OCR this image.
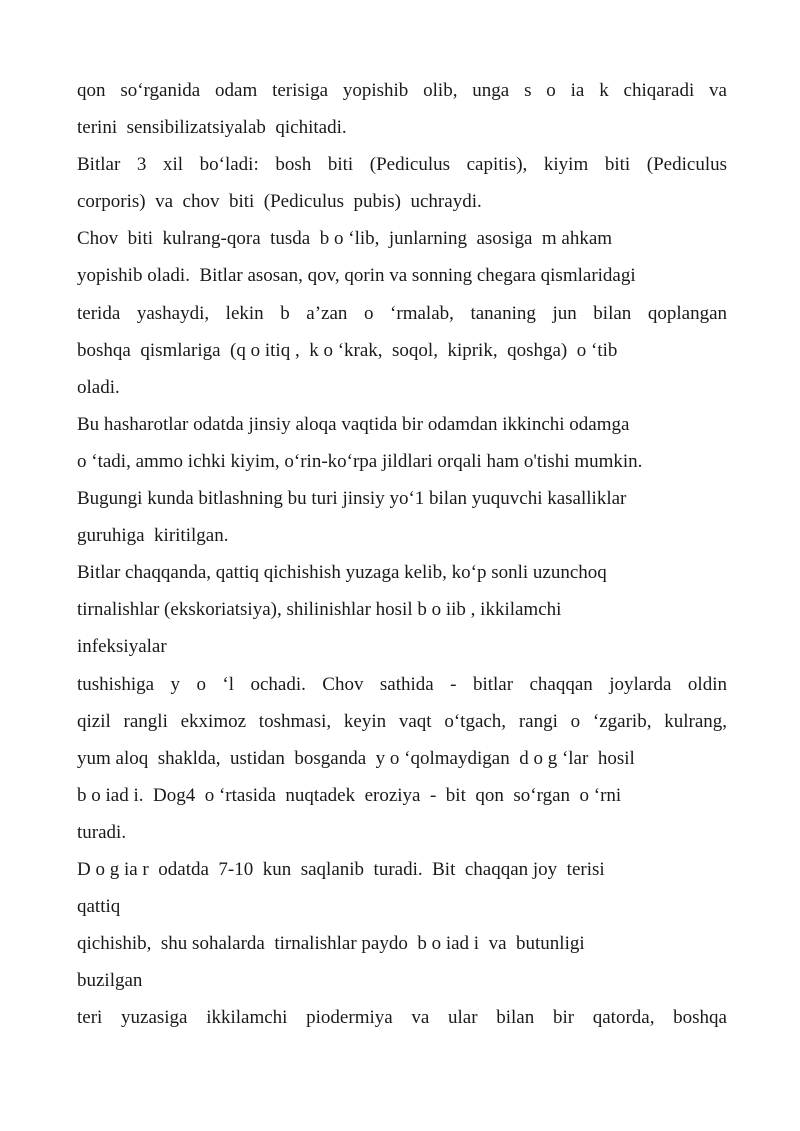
qon so‘rganida odam terisiga yopishib olib, unga s o ia k chiqaradi va
terini  sensibilizatsiyalab  qichitadi.
Bitlar 3 xil bo‘ladi: bosh biti (Pediculus capitis), kiyim biti (Pediculus
corporis)  va  chov  biti  (Pediculus  pubis)  uchraydi.
Chov  biti  kulrang-qora  tusda  b o ‘lib,  junlarning  asosiga  m ahkam
yopishib oladi.  Bitlar asosan, qov, qorin va sonning chegara qismlaridagi
terida yashaydi, lekin b a’zan o ‘rmalab, tananing jun bilan qoplangan
boshqa  qismlariga  (q o itiq ,  k o ‘krak,  soqol,  kiprik,  qoshga)  o ‘tib
oladi.
Bu hasharotlar odatda jinsiy aloqa vaqtida bir odamdan ikkinchi odamga
o ‘tadi, ammo ichki kiyim, o‘rin-ko‘rpa jildlari orqali ham o'tishi mumkin.
Bugungi kunda bitlashning bu turi jinsiy yo‘1 bilan yuquvchi kasalliklar
guruhiga  kiritilgan.
Bitlar chaqqanda, qattiq qichishish yuzaga kelib, ko‘p sonli uzunchoq
tirnalishlar (ekskoriatsiya), shilinishlar hosil b o iib , ikkilamchi
infeksiyalar
tushishiga y o ‘l ochadi. Chov sathida - bitlar chaqqan joylarda oldin
qizil rangli ekximoz toshmasi, keyin vaqt o‘tgach, rangi o ‘zgarib, kulrang,
yum aloq  shaklda,  ustidan  bosganda  y o ‘qolmaydigan  d o g ‘lar  hosil
b o iad i.  Dog4  o ‘rtasida  nuqtadek  eroziya  -  bit  qon  so‘rgan  o ‘rni
turadi.
D o g ia r  odatda  7-10  kun  saqlanib  turadi.  Bit  chaqqan joy  terisi
qattiq
qichishib,  shu sohalarda  tirnalishlar paydo  b o iad i  va  butunligi
buzilgan
teri yuzasiga ikkilamchi piodermiya va ular bilan bir qatorda, boshqa
